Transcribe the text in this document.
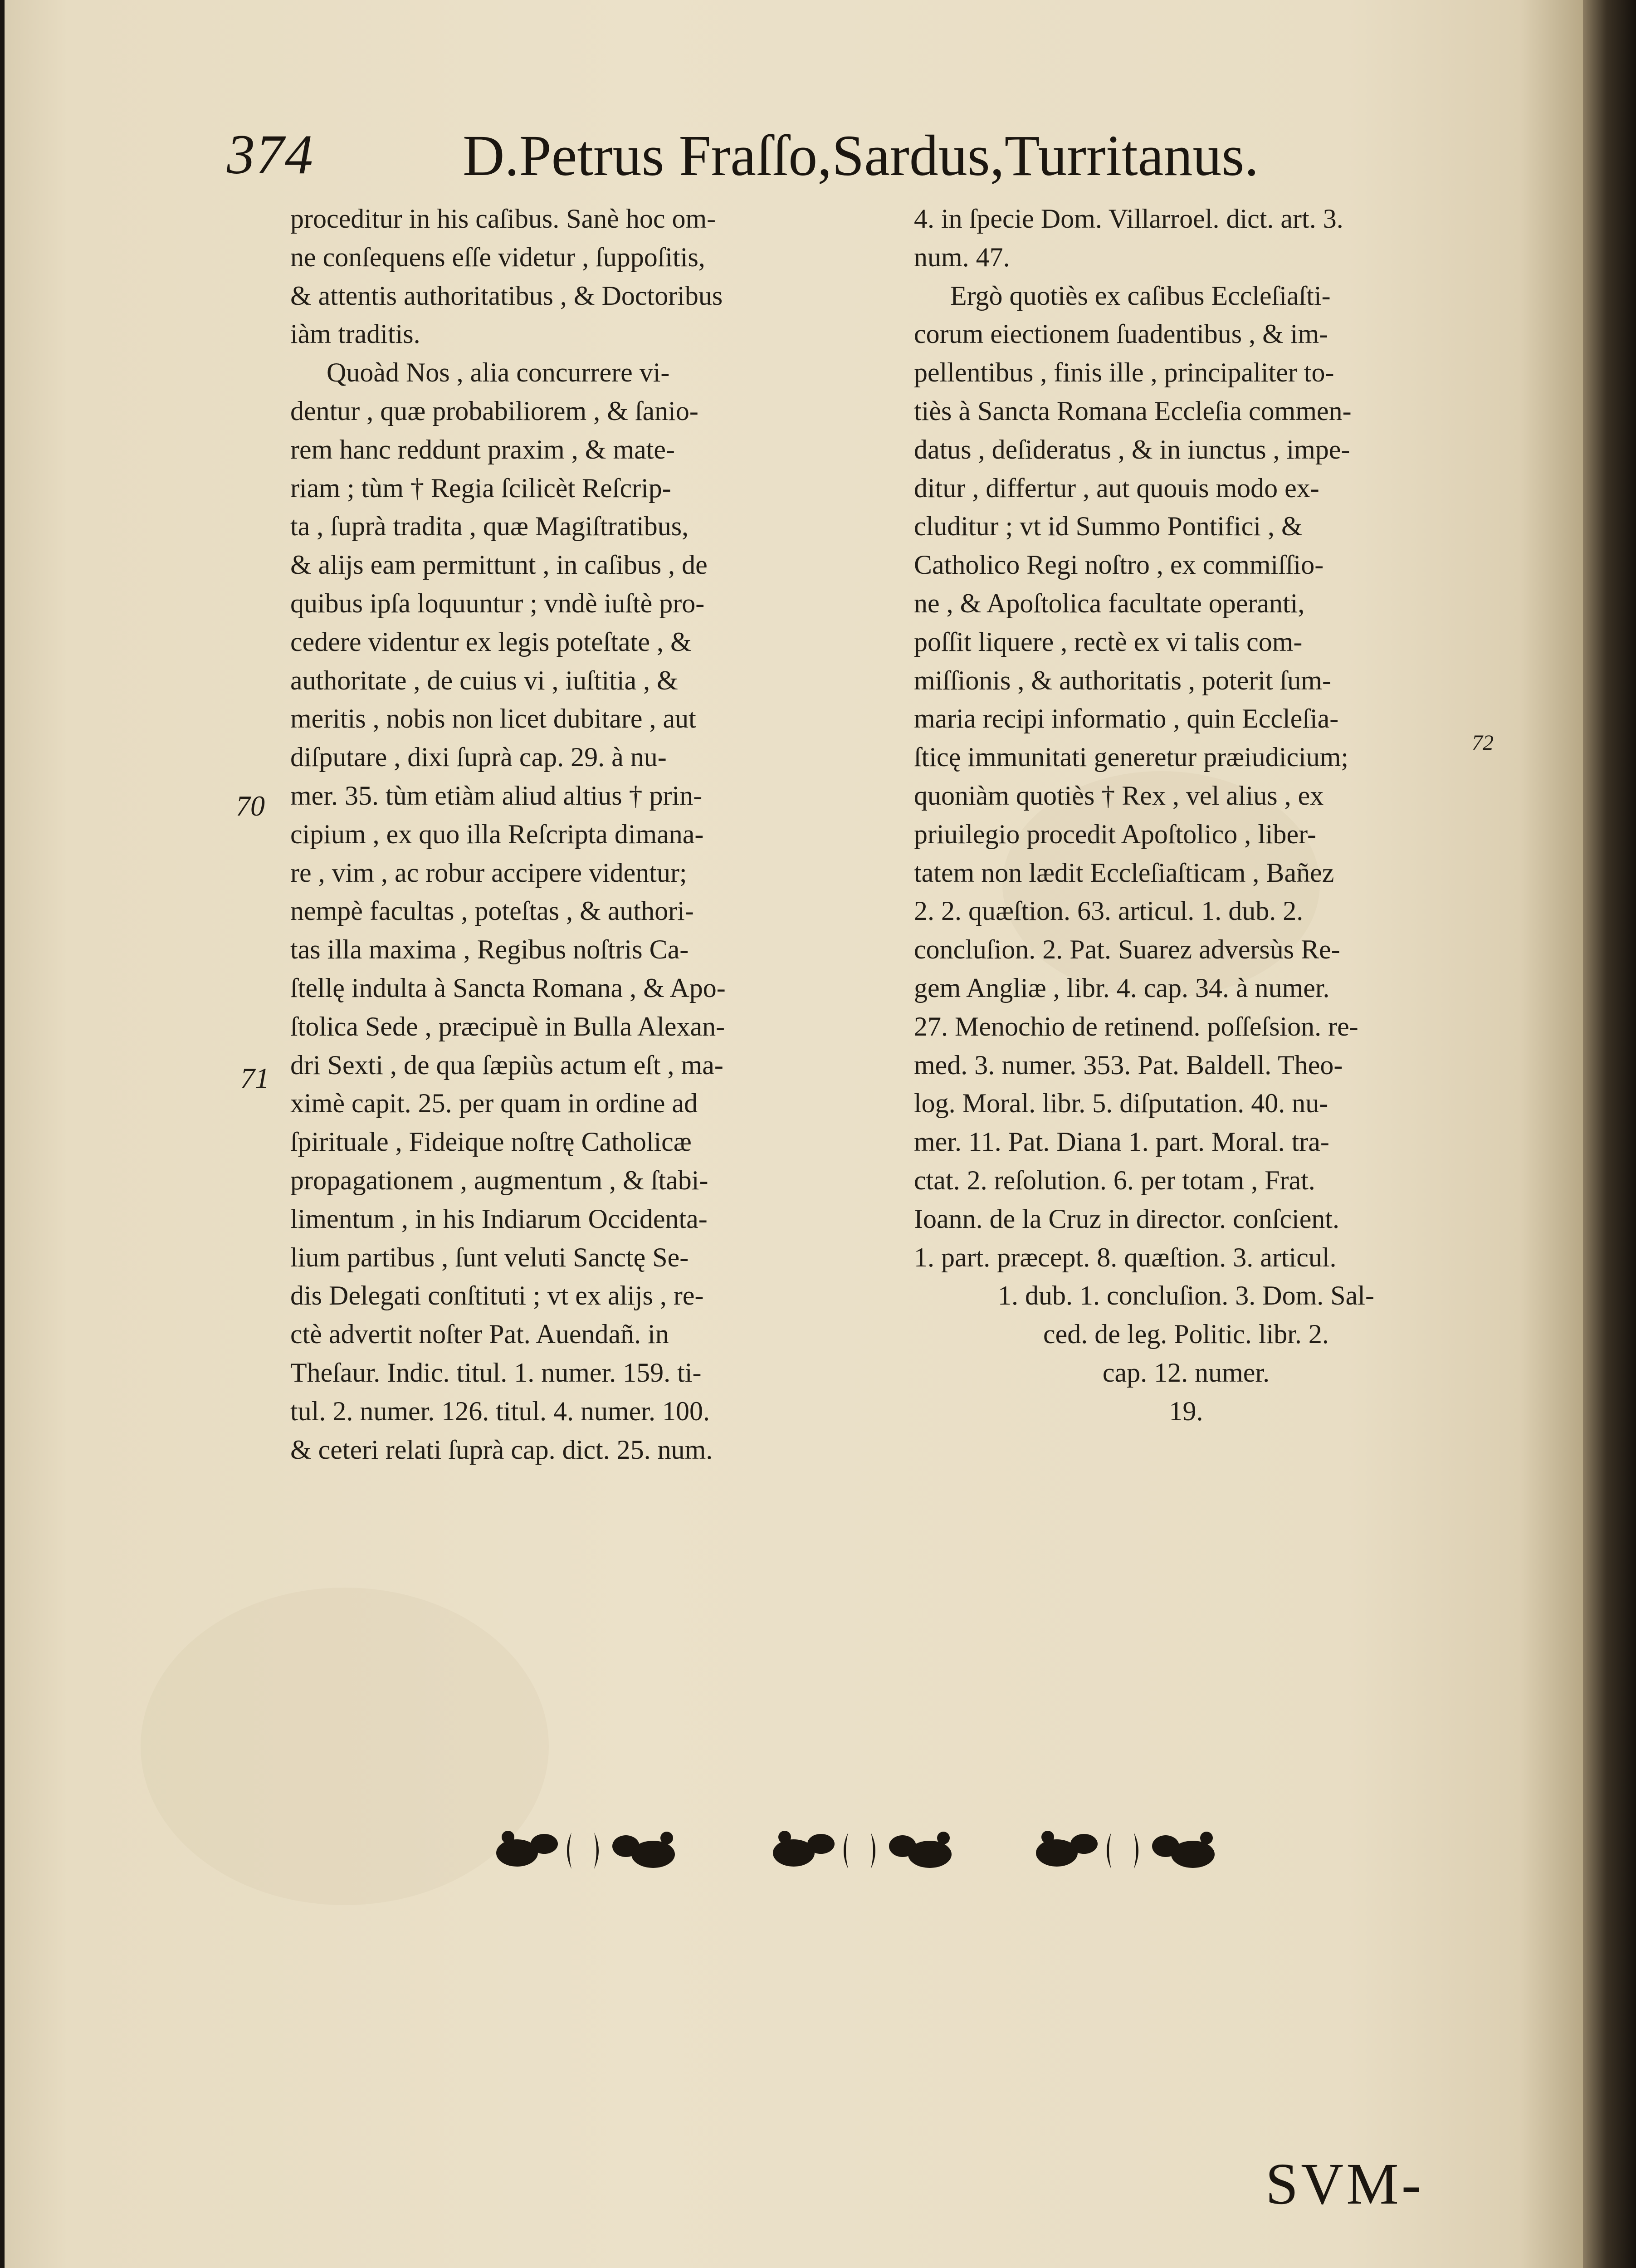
374	D.Petrus Fraſſo,Sardus,Turritanus.
proceditur in his caſibus. Sanè hoc om-
ne conſequens eſſe videtur , ſuppoſitis,
& attentis authoritatibus , & Doctoribus
iàm traditis.
Quoàd Nos , alia concurrere vi-
dentur , quæ probabiliorem , & ſanio-
rem hanc reddunt praxim , & mate-
riam ; tùm † Regia ſcilicèt Reſcrip-
ta , ſuprà tradita , quæ Magiſtratibus,
& alijs eam permittunt , in caſibus , de
quibus ipſa loquuntur ; vndè iuſtè pro-
cedere videntur ex legis poteſtate , &
authoritate , de cuius vi , iuſtitia , &
meritis , nobis non licet dubitare , aut
diſputare , dixi ſuprà cap. 29. à nu-
mer. 35. tùm etiàm aliud altius † prin-
cipium , ex quo illa Reſcripta dimana-
re , vim , ac robur accipere videntur;
nempè facultas , poteſtas , & authori-
tas illa maxima , Regibus noſtris Ca-
ſtellę indulta à Sancta Romana , & Apo-
ſtolica Sede , præcipuè in Bulla Alexan-
dri Sexti , de qua ſæpiùs actum eſt , ma-
ximè capit. 25. per quam in ordine ad
ſpirituale , Fideique noſtrę Catholicæ
propagationem , augmentum , & ſtabi-
limentum , in his Indiarum Occidenta-
lium partibus , ſunt veluti Sanctę Se-
dis Delegati conſtituti ; vt ex alijs , re-
ctè advertit noſter Pat. Auendañ. in
Theſaur. Indic. titul. 1. numer. 159. ti-
tul. 2. numer. 126. titul. 4. numer. 100.
& ceteri relati ſuprà cap. dict. 25. num.
4. in ſpecie Dom. Villarroel. dict. art. 3.
num. 47.
Ergò quotiès ex caſibus Eccleſiaſti-
corum eiectionem ſuadentibus , & im-
pellentibus , finis ille , principaliter to-
tiès à Sancta Romana Eccleſia commen-
datus , deſideratus , & in iunctus , impe-
ditur , differtur , aut quouis modo ex-
cluditur ; vt id Summo Pontifici , &
Catholico Regi noſtro , ex commiſſio-
ne , & Apoſtolica facultate operanti,
poſſit liquere , rectè ex vi talis com-
miſſionis , & authoritatis , poterit ſum-
maria recipi informatio , quin Eccleſia-
ſticę immunitati generetur præiudicium;
quoniàm quotiès † Rex , vel alius , ex
priuilegio procedit Apoſtolico , liber-
tatem non lædit Eccleſiaſticam , Bañez
2. 2. quæſtion. 63. articul. 1. dub. 2.
concluſion. 2. Pat. Suarez adversùs Re-
gem Angliæ , libr. 4. cap. 34. à numer.
27. Menochio de retinend. poſſeſsion. re-
med. 3. numer. 353. Pat. Baldell. Theo-
log. Moral. libr. 5. diſputation. 40. nu-
mer. 11. Pat. Diana 1. part. Moral. tra-
ctat. 2. reſolution. 6. per totam , Frat.
Ioann. de la Cruz in director. conſcient.
1. part. præcept. 8. quæſtion. 3. articul.
1. dub. 1. concluſion. 3. Dom. Sal-
ced. de leg. Politic. libr. 2.
cap. 12. numer.
19.
70
71
72
SVM-
